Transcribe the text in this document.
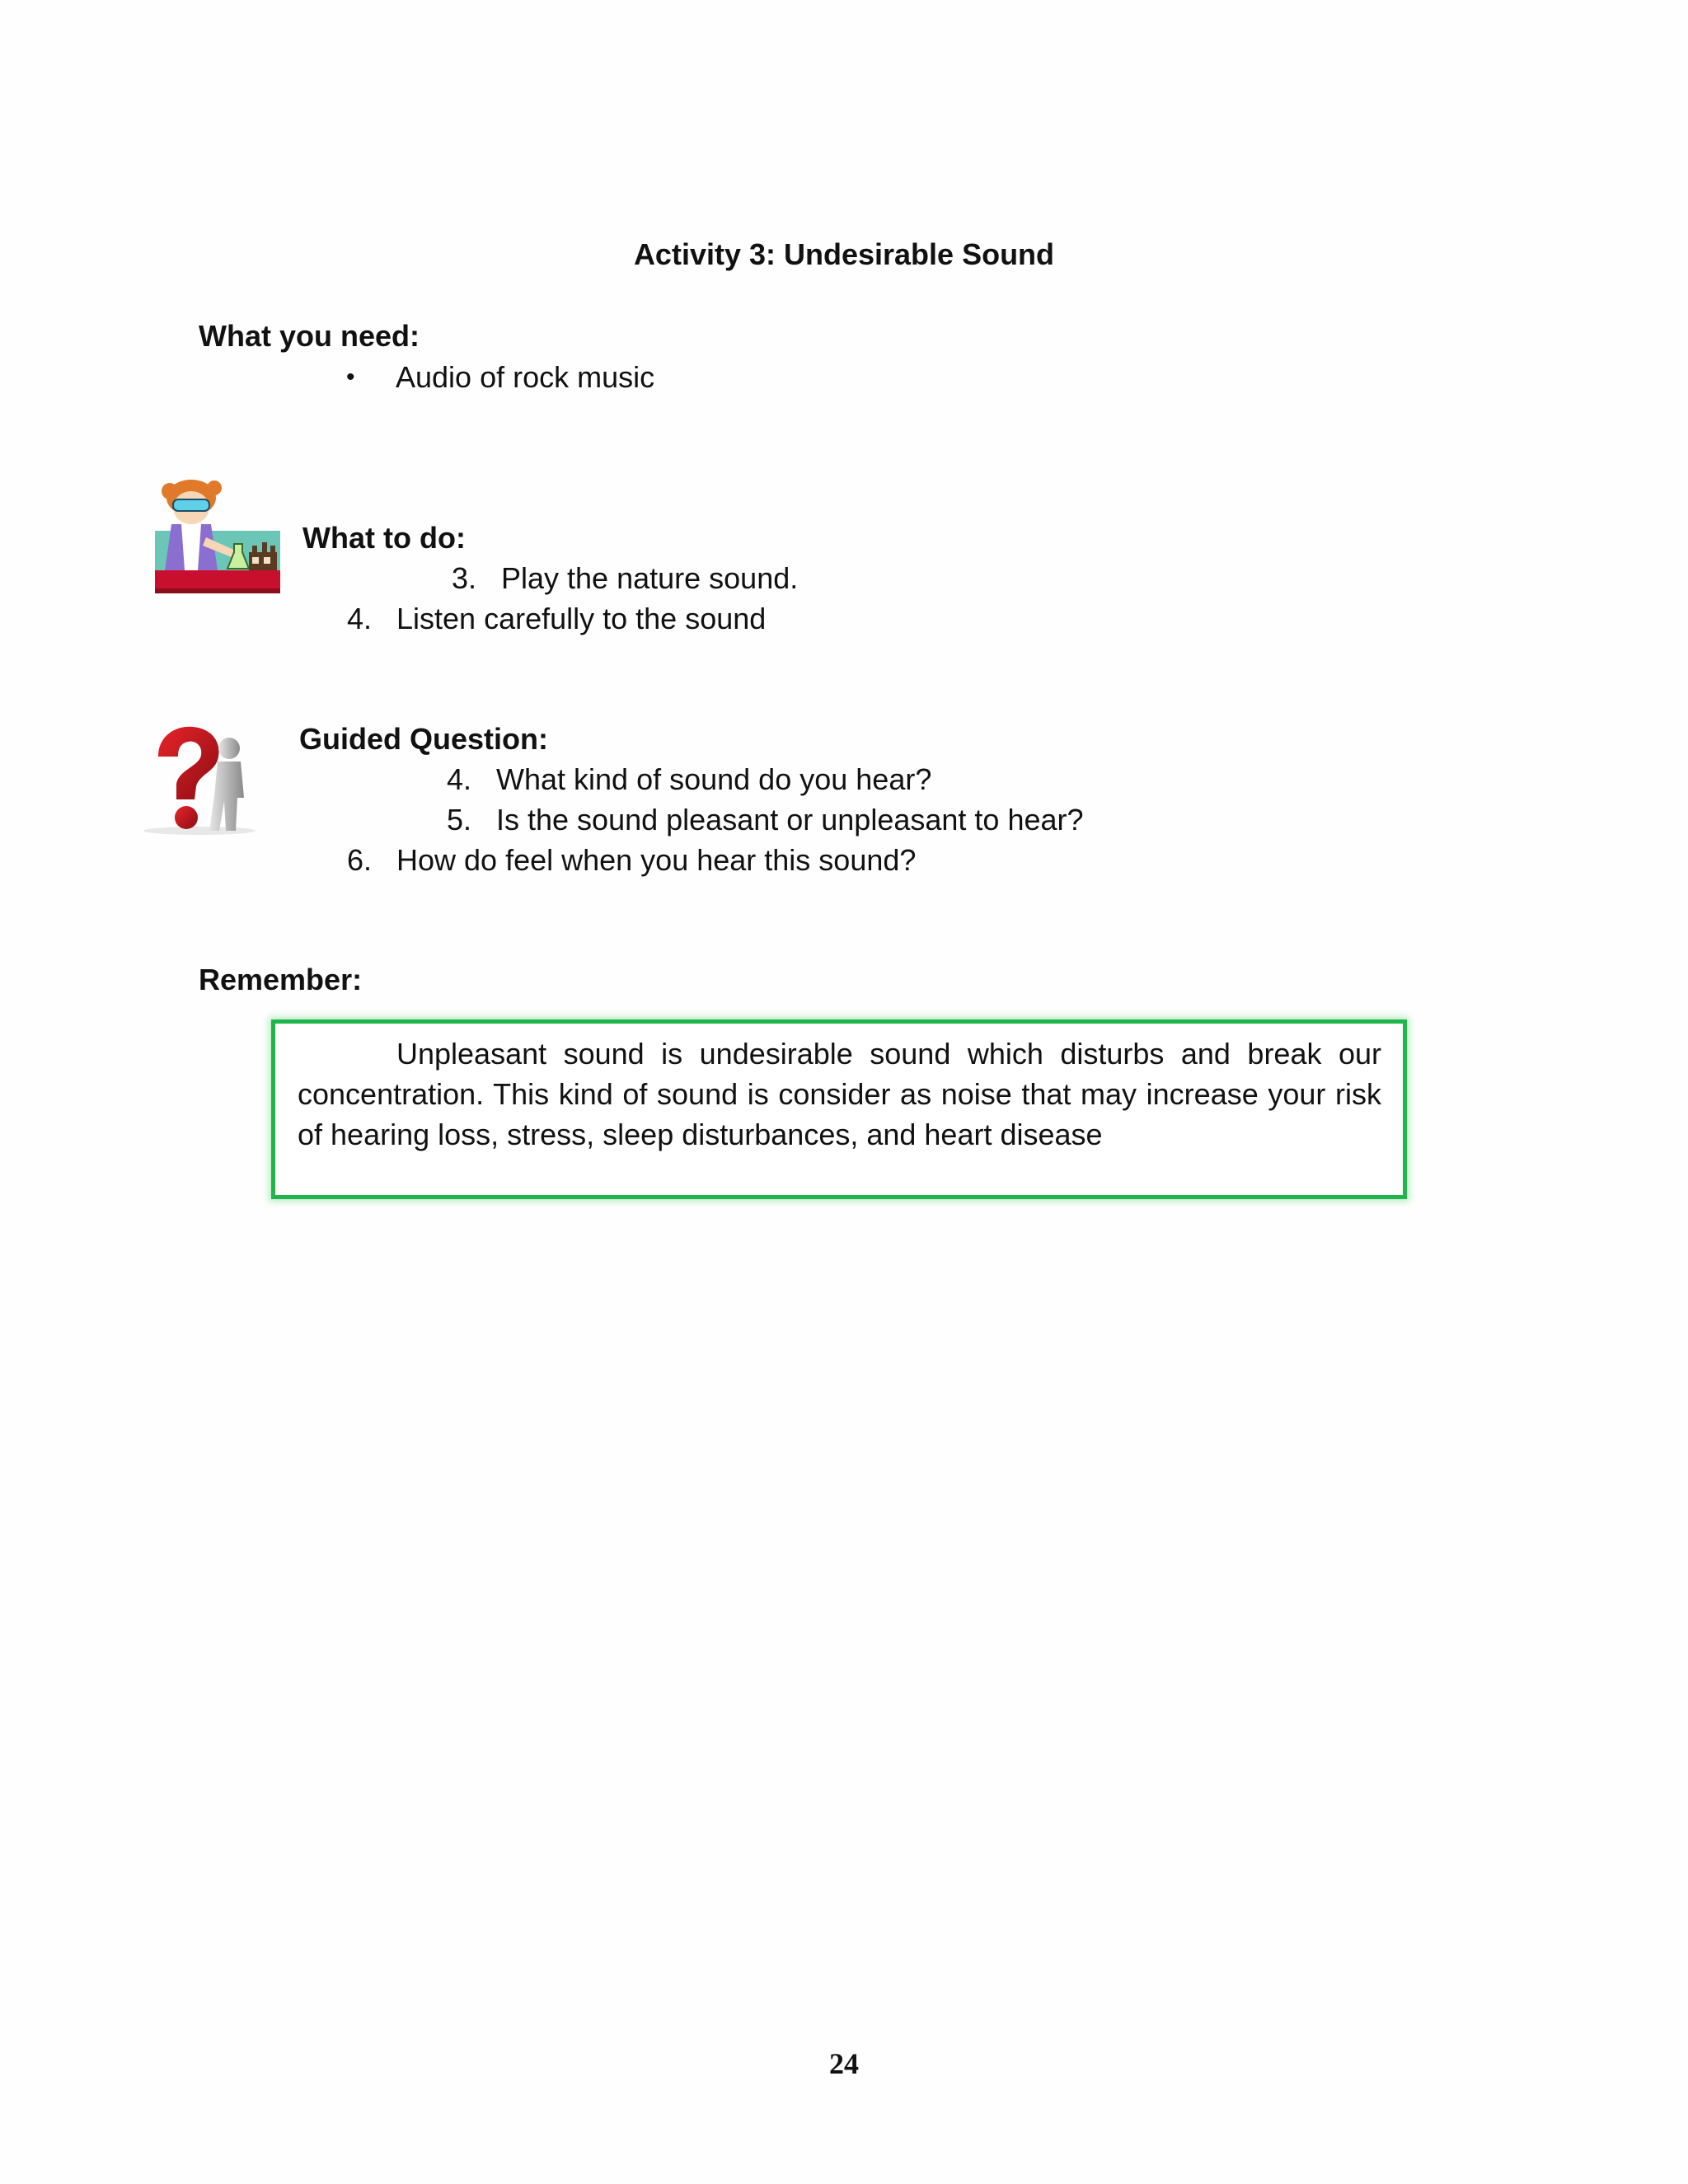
Activity 3: Undesirable Sound
What you need:
• Audio of rock music
What to do:
3. Play the nature sound.
4. Listen carefully to the sound
Guided Question:
4. What kind of sound do you hear?
5. Is the sound pleasant or unpleasant to hear?
6. How do feel when you hear this sound?
Remember:
Unpleasant sound is undesirable sound which disturbs and break our concentration. This kind of sound is consider as noise that may increase your risk of hearing loss, stress, sleep disturbances, and heart disease
24
